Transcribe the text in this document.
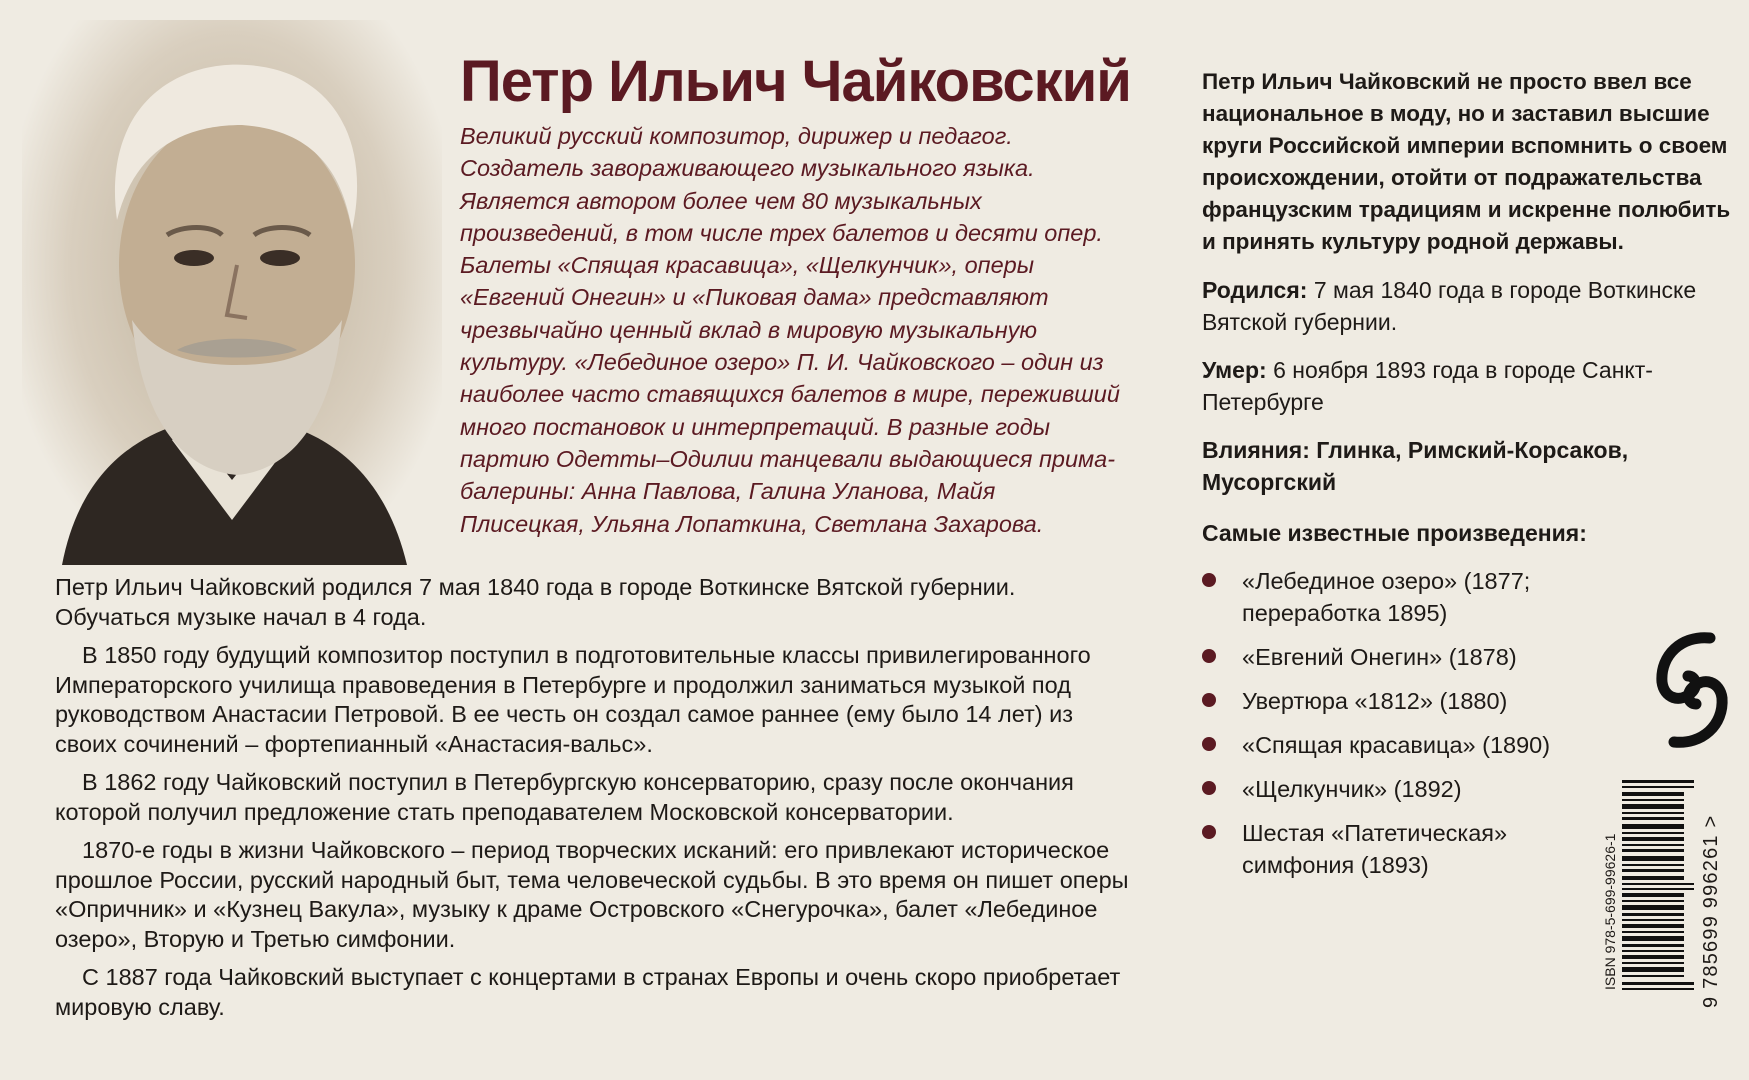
Петр Ильич Чайковский

Великий русский композитор, дирижер и педагог. Создатель завораживающего музыкального языка. Является автором более чем 80 музыкальных произведений, в том числе трех балетов и десяти опер. Балеты «Спящая красавица», «Щелкунчик», оперы «Евгений Онегин» и «Пиковая дама» представляют чрезвычайно ценный вклад в мировую музыкальную культуру. «Лебединое озеро» П. И. Чайковского – один из наиболее часто ставящихся балетов в мире, переживший много постановок и интерпретаций. В разные годы партию Одетты–Одилии танцевали выдающиеся прима-балерины: Анна Павлова, Галина Уланова, Майя Плисецкая, Ульяна Лопаткина, Светлана Захарова.

Петр Ильич Чайковский родился 7 мая 1840 года в городе Воткинске Вятской губернии. Обучаться музыке начал в 4 года.

В 1850 году будущий композитор поступил в подготовительные классы привилегированного Императорского училища правоведения в Петербурге и продолжил заниматься музыкой под руководством Анастасии Петровой. В ее честь он создал самое раннее (ему было 14 лет) из своих сочинений – фортепианный «Анастасия-вальс».

В 1862 году Чайковский поступил в Петербургскую консерваторию, сразу после окончания которой получил предложение стать преподавателем Московской консерватории.

1870-е годы в жизни Чайковского – период творческих исканий: его привлекают историческое прошлое России, русский народный быт, тема человеческой судьбы. В это время он пишет оперы «Опричник» и «Кузнец Вакула», музыку к драме Островского «Снегурочка», балет «Лебединое озеро», Вторую и Третью симфонии.

С 1887 года Чайковский выступает с концертами в странах Европы и очень скоро приобретает мировую славу.

Петр Ильич Чайковский не просто ввел все национальное в моду, но и заставил высшие круги Российской империи вспомнить о своем происхождении, отойти от подражательства французским традициям и искренне полюбить и принять культуру родной державы.

Родился: 7 мая 1840 года в городе Воткинске Вятской губернии.

Умер: 6 ноября 1893 года в городе Санкт-Петербурге

Влияния: Глинка, Римский-Корсаков, Мусоргский

Самые известные произведения:
«Лебединое озеро» (1877; переработка 1895)
«Евгений Онегин» (1878)
Увертюра «1812» (1880)
«Спящая красавица» (1890)
«Щелкунчик» (1892)
Шестая «Патетическая» симфония (1893)	ISBN 978-5-699-99626-1	9 785699 996261 >
